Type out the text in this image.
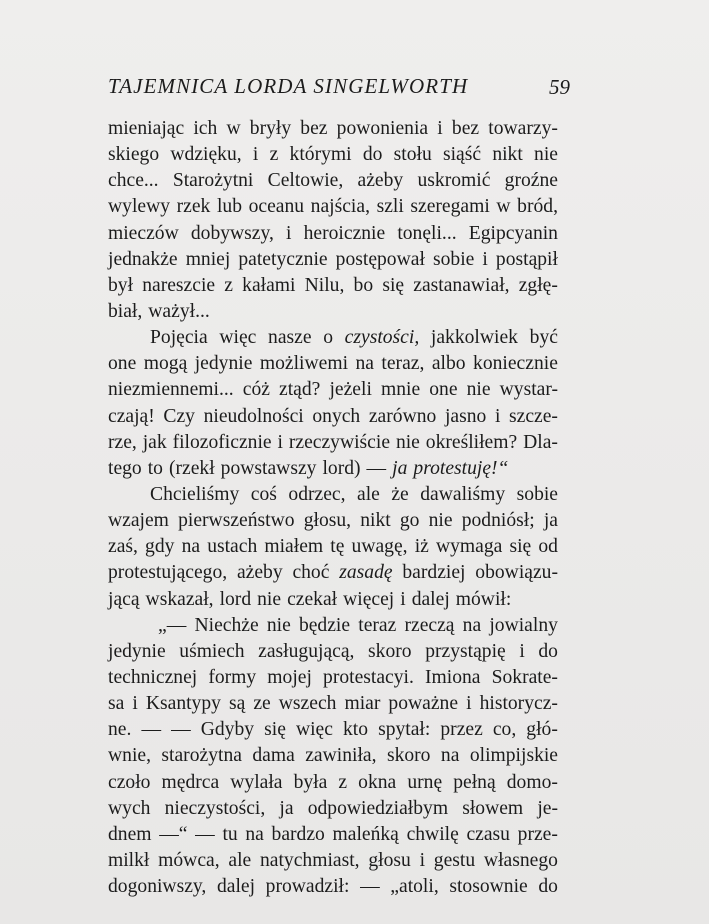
TAJEMNICA LORDA SINGELWORTH	59
mieniając ich w bryły bez powonienia i bez towarzy-
skiego wdzięku, i z którymi do stołu siąść nikt nie
chce... Starożytni Celtowie, ażeby uskromić groźne
wylewy rzek lub oceanu najścia, szli szeregami w bród,
mieczów dobywszy, i heroicznie tonęli... Egipcyanin
jednakże mniej patetycznie postępował sobie i postąpił
był nareszcie z kałami Nilu, bo się zastanawiał, zgłę-
biał, ważył...
Pojęcia więc nasze o czystości, jakkolwiek być
one mogą jedynie możliwemi na teraz, albo koniecznie
niezmiennemi... cóż ztąd? jeżeli mnie one nie wystar-
czają! Czy nieudolności onych zarówno jasno i szcze-
rze, jak filozoficznie i rzeczywiście nie określiłem? Dla-
tego to (rzekł powstawszy lord) — ja protestuję!“
Chcieliśmy coś odrzec, ale że dawaliśmy sobie
wzajem pierwszeństwo głosu, nikt go nie podniósł; ja
zaś, gdy na ustach miałem tę uwagę, iż wymaga się od
protestującego, ażeby choć zasadę bardziej obowiązu-
jącą wskazał, lord nie czekał więcej i dalej mówił:
„— Niechże nie będzie teraz rzeczą na jowialny
jedynie uśmiech zasługującą, skoro przystąpię i do
technicznej formy mojej protestacyi. Imiona Sokrate-
sa i Ksantypy są ze wszech miar poważne i historycz-
ne. — — Gdyby się więc kto spytał: przez co, głó-
wnie, starożytna dama zawiniła, skoro na olimpijskie
czoło mędrca wylała była z okna urnę pełną domo-
wych nieczystości, ja odpowiedziałbym słowem je-
dnem —“ — tu na bardzo maleńką chwilę czasu prze-
milkł mówca, ale natychmiast, głosu i gestu własnego
dogoniwszy, dalej prowadził: — „atoli, stosownie do
